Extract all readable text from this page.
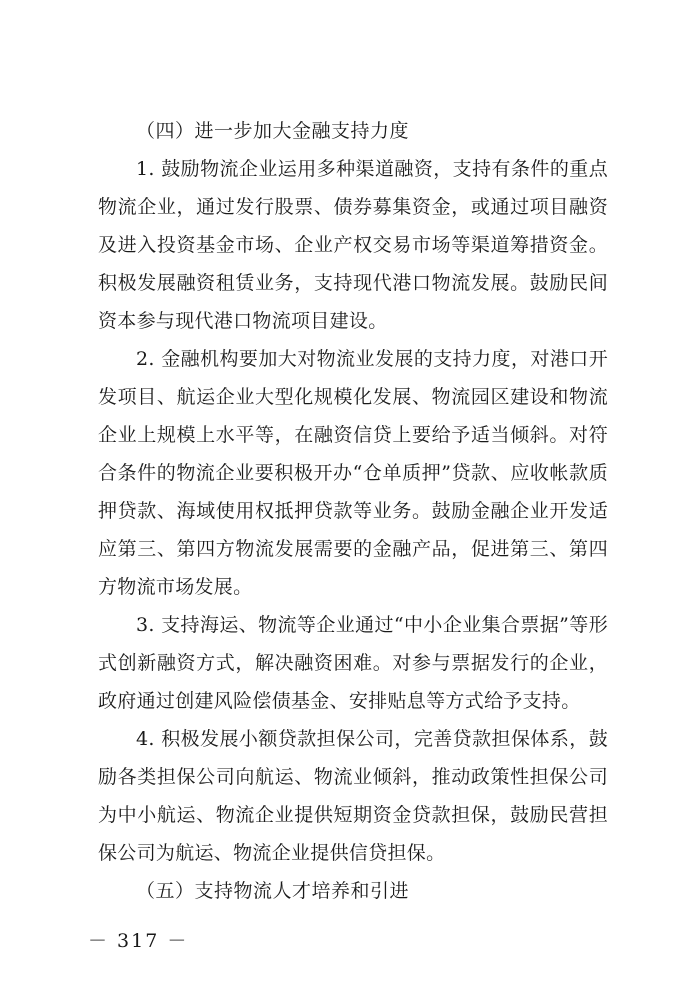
（四）进一步加大金融支持力度

1. 鼓励物流企业运用多种渠道融资，支持有条件的重点物流企业，通过发行股票、债券募集资金，或通过项目融资及进入投资基金市场、企业产权交易市场等渠道筹措资金。积极发展融资租赁业务，支持现代港口物流发展。鼓励民间资本参与现代港口物流项目建设。

2. 金融机构要加大对物流业发展的支持力度，对港口开发项目、航运企业大型化规模化发展、物流园区建设和物流企业上规模上水平等，在融资信贷上要给予适当倾斜。对符合条件的物流企业要积极开办“仓单质押”贷款、应收帐款质押贷款、海域使用权抵押贷款等业务。鼓励金融企业开发适应第三、第四方物流发展需要的金融产品，促进第三、第四方物流市场发展。

3. 支持海运、物流等企业通过“中小企业集合票据”等形式创新融资方式，解决融资困难。对参与票据发行的企业，政府通过创建风险偿债基金、安排贴息等方式给予支持。

4. 积极发展小额贷款担保公司，完善贷款担保体系，鼓励各类担保公司向航运、物流业倾斜，推动政策性担保公司为中小航运、物流企业提供短期资金贷款担保，鼓励民营担保公司为航运、物流企业提供信贷担保。

（五）支持物流人才培养和引进

－ 317 －
